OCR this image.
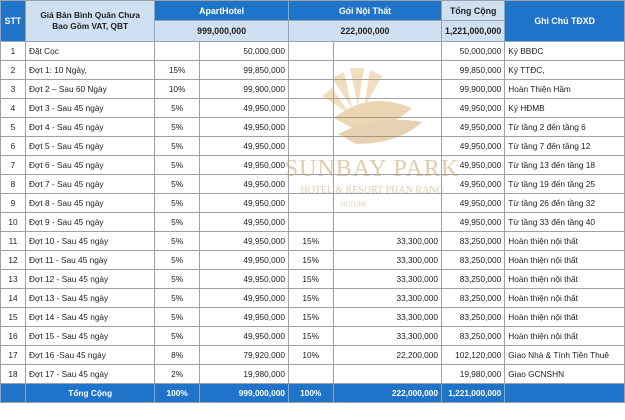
STT	Giá Bán Bình Quân Chưa
Bao Gồm VAT, QBT	ApartHotel		Gói Nội Thất		Tổng Cộng	Ghi Chú TĐXD
		999,000,000		222,000,000		1,221,000,000	
1	Đặt Cọc		50,000,000			50,000,000	Ký BBĐC
2	Đợt 1: 10 Ngày,	15%	99,850,000			99,850,000	Ký TTĐC,
3	Đợt 2 – Sau 60 Ngày	10%	99,900,000			99,900,000	Hoàn Thiện Hầm
4	Đợt 3 - Sau 45 ngày	5%	49,950,000			49,950,000	Ký HĐMB
5	Đợt 4 - Sau 45 ngày	5%	49,950,000			49,950,000	Từ tầng 2 đến tầng 6
6	Đợt 5 - Sau 45 ngày	5%	49,950,000			49,950,000	Từ tầng 7 đến tầng 12
7	Đợt 6 - Sau 45 ngày	5%	49,950,000			49,950,000	Từ tầng 13 đến tầng 18
8	Đợt 7 - Sau 45 ngày	5%	49,950,000			49,950,000	Từ tầng 19 đến tầng 25
9	Đợt 8 - Sau 45 ngày	5%	49,950,000			49,950,000	Từ tầng 26 đến tầng 32
10	Đợt 9 - Sau 45 ngày	5%	49,950,000			49,950,000	Từ tầng 33 đến tầng 40
11	Đợt 10 - Sau 45 ngày	5%	49,950,000	15%	33,300,000	83,250,000	Hoàn thiện nội thất
12	Đợt 11 - Sau 45 ngày	5%	49,950,000	15%	33,300,000	83,250,000	Hoàn thiện nội thất
13	Đợt 12 - Sau 45 ngày	5%	49,950,000	15%	33,300,000	83,250,000	Hoàn thiện nội thất
14	Đợt 13 - Sau 45 ngày	5%	49,950,000	15%	33,300,000	83,250,000	Hoàn thiện nội thất
15	Đợt 14 - Sau 45 ngày	5%	49,950,000	15%	33,300,000	83,250,000	Hoàn thiện nội thất
16	Đợt 15 - Sau 45 ngày	5%	49,950,000	15%	33,300,000	83,250,000	Hoàn thiện nội thất
17	Đợt 16 -Sau 45 ngày	8%	79,920,000	10%	22,200,000	102,120,000	Giao Nhà & Tính Tiền Thuê
18	Đợt 17 - Sau 45 ngày	2%	19,980,000			19,980,000	Giao GCNSHN
	Tổng Cộng	100%	999,000,000	100%	222,000,000	1,221,000,000	
SUNBAY PARK
HOTEL & RESORT PHAN RANG
HOTLINE
